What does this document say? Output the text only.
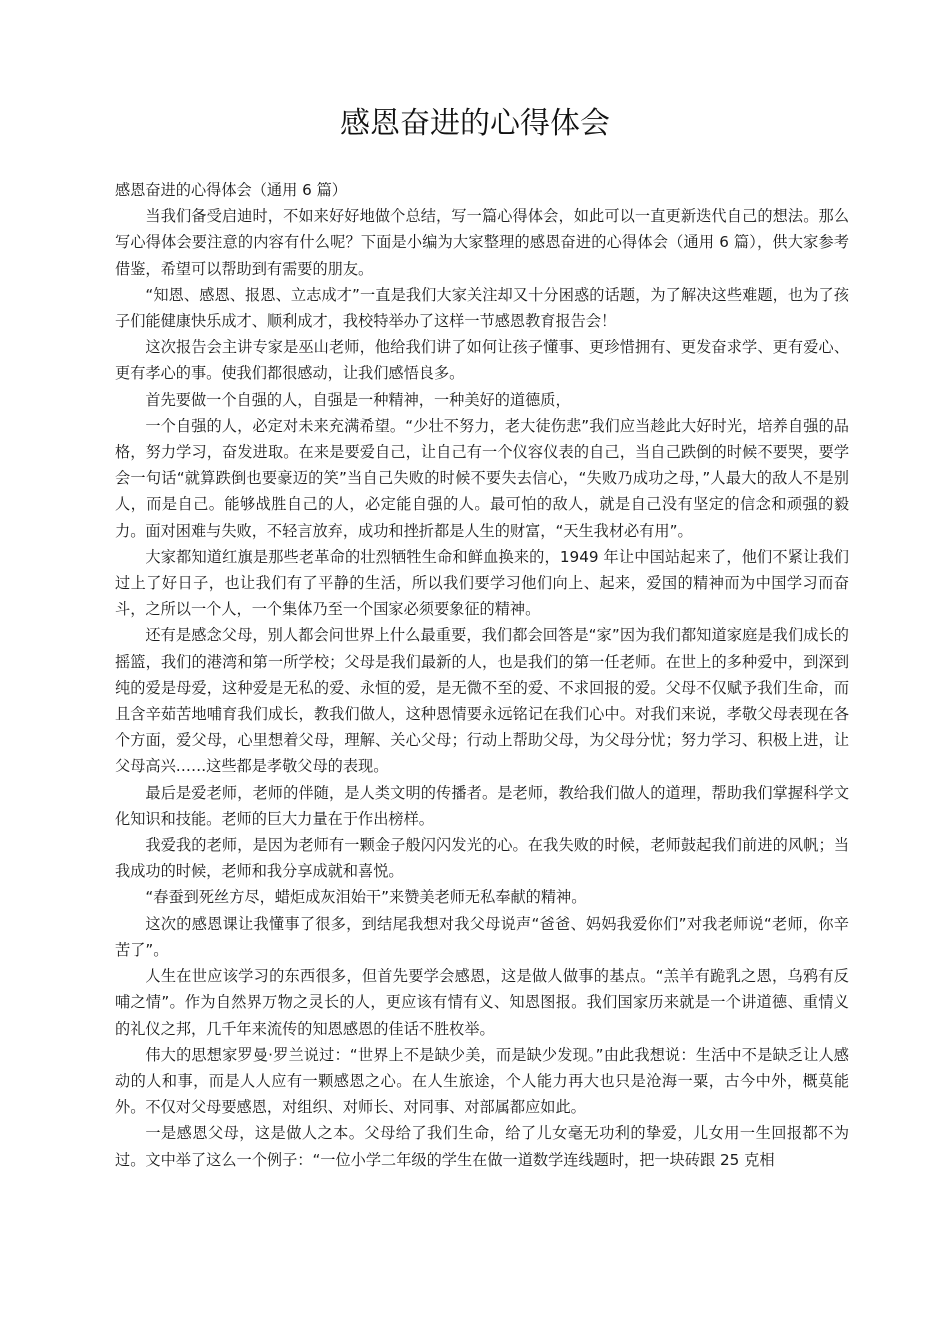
感恩奋进的心得体会

感恩奋进的心得体会（通用 6 篇）

当我们备受启迪时，不如来好好地做个总结，写一篇心得体会，如此可以一直更新迭代自己的想法。那么写心得体会要注意的内容有什么呢？下面是小编为大家整理的感恩奋进的心得体会（通用 6 篇），供大家参考借鉴，希望可以帮助到有需要的朋友。

“知恩、感恩、报恩、立志成才”一直是我们大家关注却又十分困惑的话题，为了解决这些难题，也为了孩子们能健康快乐成才、顺利成才，我校特举办了这样一节感恩教育报告会！

这次报告会主讲专家是巫山老师，他给我们讲了如何让孩子懂事、更珍惜拥有、更发奋求学、更有爱心、更有孝心的事。使我们都很感动，让我们感悟良多。

首先要做一个自强的人，自强是一种精神，一种美好的道德质，

一个自强的人，必定对未来充满希望。“少壮不努力，老大徒伤悲”我们应当趁此大好时光，培养自强的品格，努力学习，奋发进取。在来是要爱自己，让自己有一个仪容仪表的自己，当自己跌倒的时候不要哭，要学会一句话“就算跌倒也要豪迈的笑”当自己失败的时候不要失去信心，“失败乃成功之母，”人最大的敌人不是别人，而是自己。能够战胜自己的人，必定能自强的人。最可怕的敌人，就是自己没有坚定的信念和顽强的毅力。面对困难与失败，不轻言放弃，成功和挫折都是人生的财富，“天生我材必有用”。

大家都知道红旗是那些老革命的壮烈牺牲生命和鲜血换来的，1949 年让中国站起来了，他们不紧让我们过上了好日子，也让我们有了平静的生活，所以我们要学习他们向上、起来，爱国的精神而为中国学习而奋斗，之所以一个人，一个集体乃至一个国家必须要象征的精神。

还有是感念父母，别人都会问世界上什么最重要，我们都会回答是“家”因为我们都知道家庭是我们成长的摇篮，我们的港湾和第一所学校；父母是我们最新的人，也是我们的第一任老师。在世上的多种爱中，到深到纯的爱是母爱，这种爱是无私的爱、永恒的爱，是无微不至的爱、不求回报的爱。父母不仅赋予我们生命，而且含辛茹苦地哺育我们成长，教我们做人，这种恩情要永远铭记在我们心中。对我们来说，孝敬父母表现在各个方面，爱父母，心里想着父母，理解、关心父母；行动上帮助父母，为父母分忧；努力学习、积极上进，让父母高兴……这些都是孝敬父母的表现。

最后是爱老师，老师的伴随，是人类文明的传播者。是老师，教给我们做人的道理，帮助我们掌握科学文化知识和技能。老师的巨大力量在于作出榜样。

我爱我的老师，是因为老师有一颗金子般闪闪发光的心。在我失败的时候，老师鼓起我们前进的风帆；当我成功的时候，老师和我分享成就和喜悦。

“春蚕到死丝方尽，蜡炬成灰泪始干”来赞美老师无私奉献的精神。

这次的感恩课让我懂事了很多，到结尾我想对我父母说声“爸爸、妈妈我爱你们”对我老师说“老师，你辛苦了”。

人生在世应该学习的东西很多，但首先要学会感恩，这是做人做事的基点。“羔羊有跪乳之恩，乌鸦有反哺之情”。作为自然界万物之灵长的人，更应该有情有义、知恩图报。我们国家历来就是一个讲道德、重情义的礼仪之邦，几千年来流传的知恩感恩的佳话不胜枚举。

伟大的思想家罗曼·罗兰说过：“世界上不是缺少美，而是缺少发现。”由此我想说：生活中不是缺乏让人感动的人和事，而是人人应有一颗感恩之心。在人生旅途，个人能力再大也只是沧海一粟，古今中外，概莫能外。不仅对父母要感恩，对组织、对师长、对同事、对部属都应如此。

一是感恩父母，这是做人之本。父母给了我们生命，给了儿女毫无功利的挚爱，儿女用一生回报都不为过。文中举了这么一个例子：“一位小学二年级的学生在做一道数学连线题时，把一块砖跟 25 克相
